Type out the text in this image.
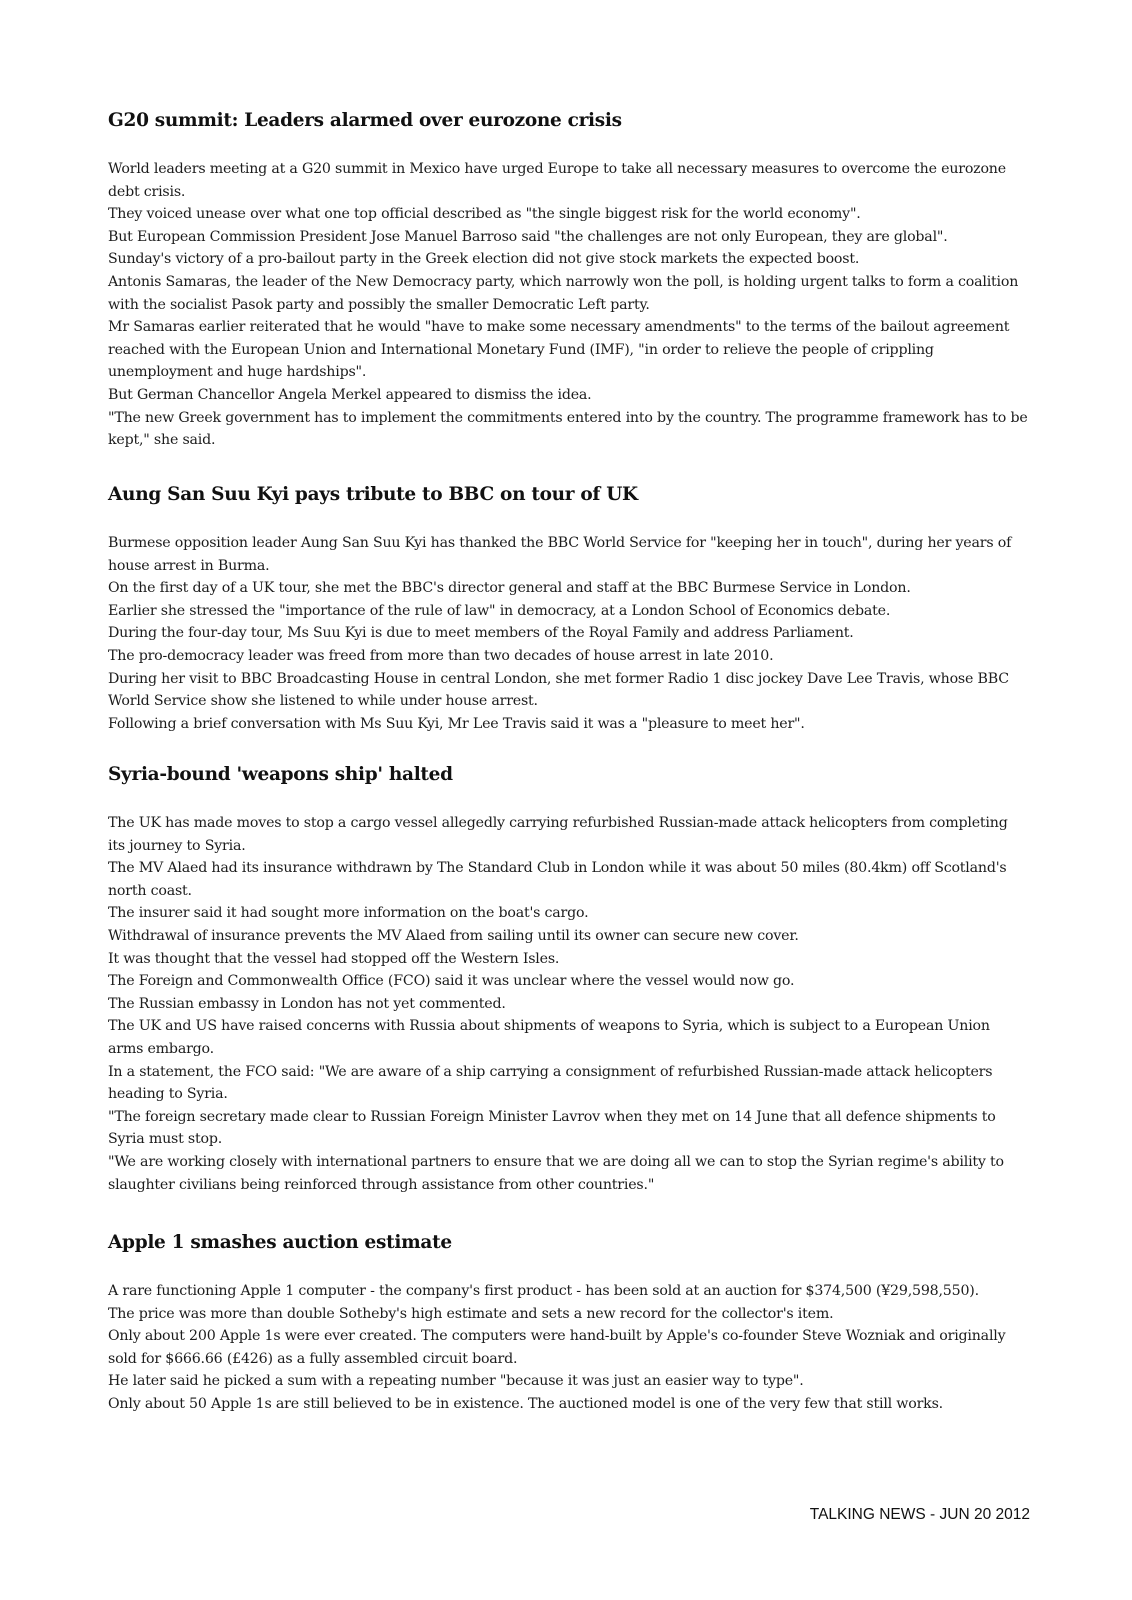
G20 summit: Leaders alarmed over eurozone crisis

World leaders meeting at a G20 summit in Mexico have urged Europe to take all necessary measures to overcome the eurozone debt crisis.

They voiced unease over what one top official described as "the single biggest risk for the world economy".

But European Commission President Jose Manuel Barroso said "the challenges are not only European, they are global".

Sunday's victory of a pro-bailout party in the Greek election did not give stock markets the expected boost.

Antonis Samaras, the leader of the New Democracy party, which narrowly won the poll, is holding urgent talks to form a coalition with the socialist Pasok party and possibly the smaller Democratic Left party.

Mr Samaras earlier reiterated that he would "have to make some necessary amendments" to the terms of the bailout agreement reached with the European Union and International Monetary Fund (IMF), "in order to relieve the people of crippling unemployment and huge hardships".

But German Chancellor Angela Merkel appeared to dismiss the idea.

"The new Greek government has to implement the commitments entered into by the country. The programme framework has to be kept," she said.

Aung San Suu Kyi pays tribute to BBC on tour of UK

Burmese opposition leader Aung San Suu Kyi has thanked the BBC World Service for "keeping her in touch", during her years of house arrest in Burma.

On the first day of a UK tour, she met the BBC's director general and staff at the BBC Burmese Service in London.

Earlier she stressed the "importance of the rule of law" in democracy, at a London School of Economics debate.

During the four-day tour, Ms Suu Kyi is due to meet members of the Royal Family and address Parliament.

The pro-democracy leader was freed from more than two decades of house arrest in late 2010.

During her visit to BBC Broadcasting House in central London, she met former Radio 1 disc jockey Dave Lee Travis, whose BBC World Service show she listened to while under house arrest.

Following a brief conversation with Ms Suu Kyi, Mr Lee Travis said it was a "pleasure to meet her".

Syria-bound 'weapons ship' halted

The UK has made moves to stop a cargo vessel allegedly carrying refurbished Russian-made attack helicopters from completing its journey to Syria.

The MV Alaed had its insurance withdrawn by The Standard Club in London while it was about 50 miles (80.4km) off Scotland's north coast.

The insurer said it had sought more information on the boat's cargo.

Withdrawal of insurance prevents the MV Alaed from sailing until its owner can secure new cover.

It was thought that the vessel had stopped off the Western Isles.

The Foreign and Commonwealth Office (FCO) said it was unclear where the vessel would now go.

The Russian embassy in London has not yet commented.

The UK and US have raised concerns with Russia about shipments of weapons to Syria, which is subject to a European Union arms embargo.

In a statement, the FCO said: "We are aware of a ship carrying a consignment of refurbished Russian-made attack helicopters heading to Syria.

"The foreign secretary made clear to Russian Foreign Minister Lavrov when they met on 14 June that all defence shipments to Syria must stop.

"We are working closely with international partners to ensure that we are doing all we can to stop the Syrian regime's ability to slaughter civilians being reinforced through assistance from other countries."

Apple 1 smashes auction estimate

A rare functioning Apple 1 computer - the company's first product - has been sold at an auction for $374,500 (¥29,598,550).

The price was more than double Sotheby's high estimate and sets a new record for the collector's item.

Only about 200 Apple 1s were ever created. The computers were hand-built by Apple's co-founder Steve Wozniak and originally sold for $666.66 (£426) as a fully assembled circuit board.

He later said he picked a sum with a repeating number "because it was just an easier way to type".

Only about 50 Apple 1s are still believed to be in existence. The auctioned model is one of the very few that still works.

TALKING NEWS - JUN 20 2012
